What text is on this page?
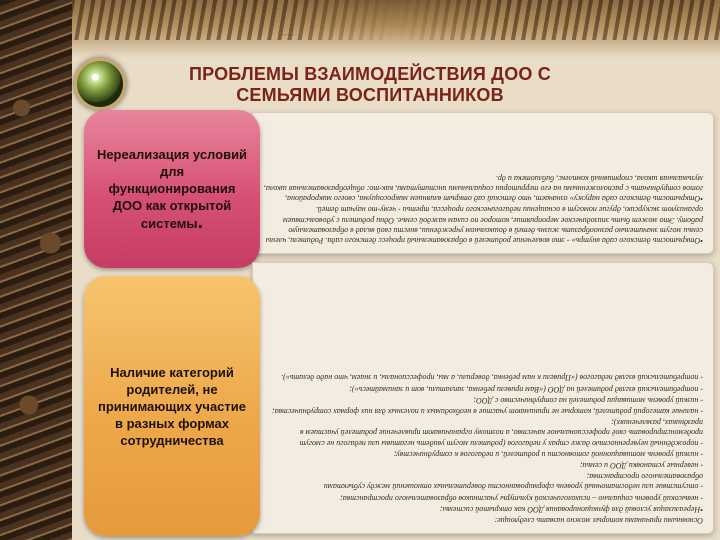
ПРОБЛЕМЫ ВЗАИМОДЕЙСТВИЯ ДОО С
СЕМЬЯМИ ВОСПИТАННИКОВ

•Открытость детского сада внутрь» - это вовлечение родителей в образовательный процесс детского сада. Родители, члены семьи могут значительно разнообразить жизнь детей в дошкольном учреждении, внести свой вклад в образовательную работу. Это может быть эпизодическое мероприятие, которое по силам каждой семье. Одни родители с удовольствием организуют экскурсию, другие помогут в оснащении педагогического процесса, третьи - чему-то научат детей.

•Открытость детского сада наружу» означает, что детский сад открыт влиянием микросоциума, своего микрорайона, готов сотрудничать с расположенными на его территории социальными институтами, как-то: общеобразовательная школа, музыкальная школа, спортивный комплекс, библиотека и др.

Нереализация условий для функционирования ДОО как открытой системы.

Основными причинами которых можно назвать следующие:

•Нереализация условий для функционирования ДОО как открытой системы;

- невысокий уровень социально – психологической культуры участников образовательного пространства;

- отсутствие или недостаточный уровень сформированности доверительных отношений между субъектами образовательного пространства;

- неверные установки ДОО и семьи;

- низкий уровень мотивационной готовности и родителей, и педагогов к сотрудничеству;

- порождённый неуверенностью даже страх у педагогов (родители могут увидеть негативы или педагоги не смогут продемонстрировать своё профессиональное качество, а поэтому ограничивают привлечение родителей участием в праздниках, развлечениях);

- наличие категорий родителей, которые не принимают участие в необходимых и полезных для них формах сотрудничества;

- низкий уровень мотивации родителей на сотрудничество с ДОО;

- потребительский взгляд родителей на ДОО («Вам привели ребенка, заплатили, вот и занимайтесь»);

- потребительский взгляд педагогов («Привели к нам ребенка, доверили, а мы, профессионалы, и знаем, что надо делать»).

Наличие категорий родителей, не принимающих участие в разных формах сотрудничества
